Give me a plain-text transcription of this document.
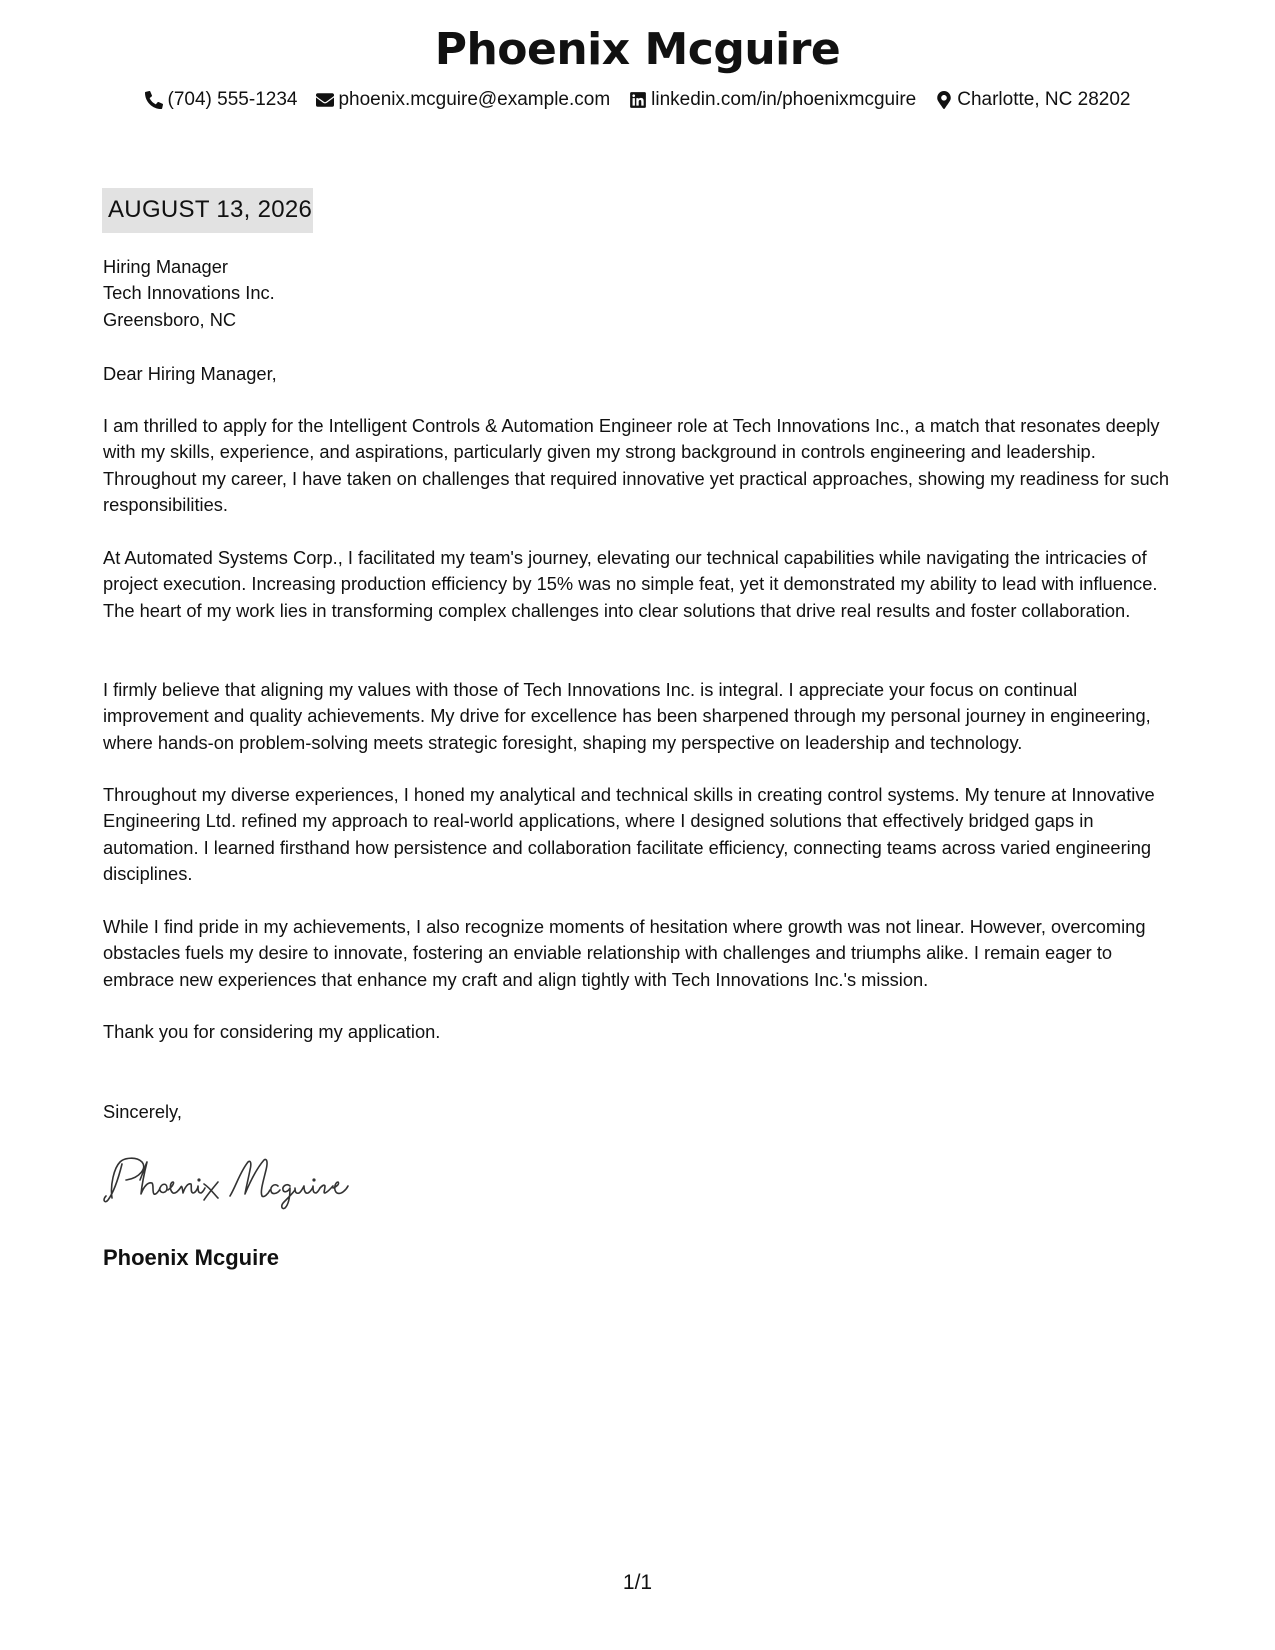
Phoenix Mcguire
(704) 555-1234 phoenix.mcguire@example.com linkedin.com/in/phoenixmcguire Charlotte, NC 28202
AUGUST 13, 2026
Hiring Manager
Tech Innovations Inc.
Greensboro, NC

Dear Hiring Manager,

I am thrilled to apply for the Intelligent Controls & Automation Engineer role at Tech Innovations Inc., a match that resonates deeply with my skills, experience, and aspirations, particularly given my strong background in controls engineering and leadership. Throughout my career, I have taken on challenges that required innovative yet practical approaches, showing my readiness for such responsibilities.

At Automated Systems Corp., I facilitated my team's journey, elevating our technical capabilities while navigating the intricacies of project execution. Increasing production efficiency by 15% was no simple feat, yet it demonstrated my ability to lead with influence. The heart of my work lies in transforming complex challenges into clear solutions that drive real results and foster collaboration.

I firmly believe that aligning my values with those of Tech Innovations Inc. is integral. I appreciate your focus on continual improvement and quality achievements. My drive for excellence has been sharpened through my personal journey in engineering, where hands-on problem-solving meets strategic foresight, shaping my perspective on leadership and technology.

Throughout my diverse experiences, I honed my analytical and technical skills in creating control systems. My tenure at Innovative Engineering Ltd. refined my approach to real-world applications, where I designed solutions that effectively bridged gaps in automation. I learned firsthand how persistence and collaboration facilitate efficiency, connecting teams across varied engineering disciplines.

While I find pride in my achievements, I also recognize moments of hesitation where growth was not linear. However, overcoming obstacles fuels my desire to innovate, fostering an enviable relationship with challenges and triumphs alike. I remain eager to embrace new experiences that enhance my craft and align tightly with Tech Innovations Inc.'s mission.

Thank you for considering my application.

Sincerely,

Phoenix Mcguire
1/1
